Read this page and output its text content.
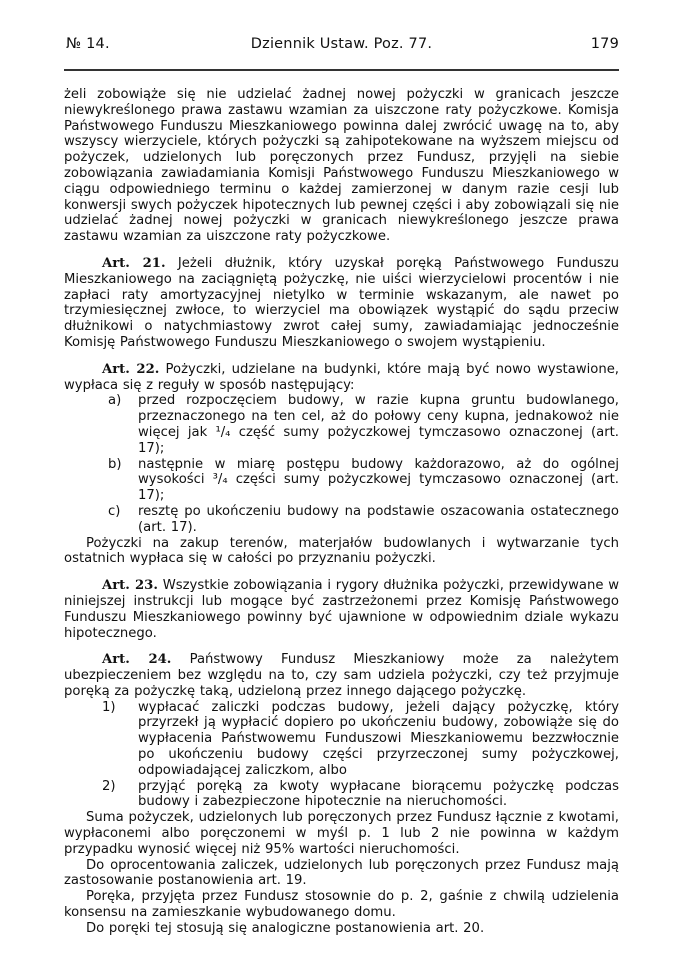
№ 14.	Dziennik Ustaw. Poz. 77.	179

żeli zobowiąże się nie udzielać żadnej nowej pożyczki w granicach jeszcze niewykreślonego prawa zastawu wzamian za uiszczone raty pożyczkowe. Komisja Państwowego Funduszu Mieszkaniowego powinna dalej zwrócić uwagę na to, aby wszyscy wierzyciele, których pożyczki są zahipotekowane na wyższem miejscu od pożyczek, udzielonych lub poręczonych przez Fundusz, przyjęli na siebie zobowiązania zawiadamiania Komisji Państwowego Funduszu Mieszkaniowego w ciągu odpowiedniego terminu o każdej zamierzonej w danym razie cesji lub konwersji swych pożyczek hipotecznych lub pewnej części i aby zobowiązali się nie udzielać żadnej nowej pożyczki w granicach niewykreślonego jeszcze prawa zastawu wzamian za uiszczone raty pożyczkowe.

Art. 21. Jeżeli dłużnik, który uzyskał poręką Państwowego Funduszu Mieszkaniowego na zaciągniętą pożyczkę, nie uiści wierzycielowi procentów i nie zapłaci raty amortyzacyjnej nietylko w terminie wskazanym, ale nawet po trzymiesięcznej zwłoce, to wierzyciel ma obowiązek wystąpić do sądu przeciw dłużnikowi o natychmiastowy zwrot całej sumy, zawiadamiając jednocześnie Komisję Państwowego Funduszu Mieszkaniowego o swojem wystąpieniu.

Art. 22. Pożyczki, udzielane na budynki, które mają być nowo wystawione, wypłaca się z reguły w sposób następujący:

a) przed rozpoczęciem budowy, w razie kupna gruntu budowlanego, przeznaczonego na ten cel, aż do połowy ceny kupna, jednakowoż nie więcej jak ¹/₄ część sumy pożyczkowej tymczasowo oznaczonej (art. 17);
b) następnie w miarę postępu budowy każdorazowo, aż do ogólnej wysokości ³/₄ części sumy pożyczkowej tymczasowo oznaczonej (art. 17);
c) resztę po ukończeniu budowy na podstawie oszacowania ostatecznego (art. 17).

Pożyczki na zakup terenów, materjałów budowlanych i wytwarzanie tych ostatnich wypłaca się w całości po przyznaniu pożyczki.

Art. 23. Wszystkie zobowiązania i rygory dłużnika pożyczki, przewidywane w niniejszej instrukcji lub mogące być zastrzeżonemi przez Komisję Państwowego Funduszu Mieszkaniowego powinny być ujawnione w odpowiednim dziale wykazu hipotecznego.

Art. 24. Państwowy Fundusz Mieszkaniowy może za należytem ubezpieczeniem bez względu na to, czy sam udziela pożyczki, czy też przyjmuje poręką za pożyczkę taką, udzieloną przez innego dającego pożyczkę.

1) wypłacać zaliczki podczas budowy, jeżeli dający pożyczkę, który przyrzekł ją wypłacić dopiero po ukończeniu budowy, zobowiąże się do wypłacenia Państwowemu Funduszowi Mieszkaniowemu bezzwłocznie po ukończeniu budowy części przyrzeczonej sumy pożyczkowej, odpowiadającej zaliczkom, albo
2) przyjąć poręką za kwoty wypłacane biorącemu pożyczkę podczas budowy i zabezpieczone hipotecznie na nieruchomości.

Suma pożyczek, udzielonych lub poręczonych przez Fundusz łącznie z kwotami, wypłaconemi albo poręczonemi w myśl p. 1 lub 2 nie powinna w każdym przypadku wynosić więcej niż 95% wartości nieruchomości.

Do oprocentowania zaliczek, udzielonych lub poręczonych przez Fundusz mają zastosowanie postanowienia art. 19.

Poręka, przyjęta przez Fundusz stosownie do p. 2, gaśnie z chwilą udzielenia konsensu na zamieszkanie wybudowanego domu.

Do poręki tej stosują się analogiczne postanowienia art. 20.
